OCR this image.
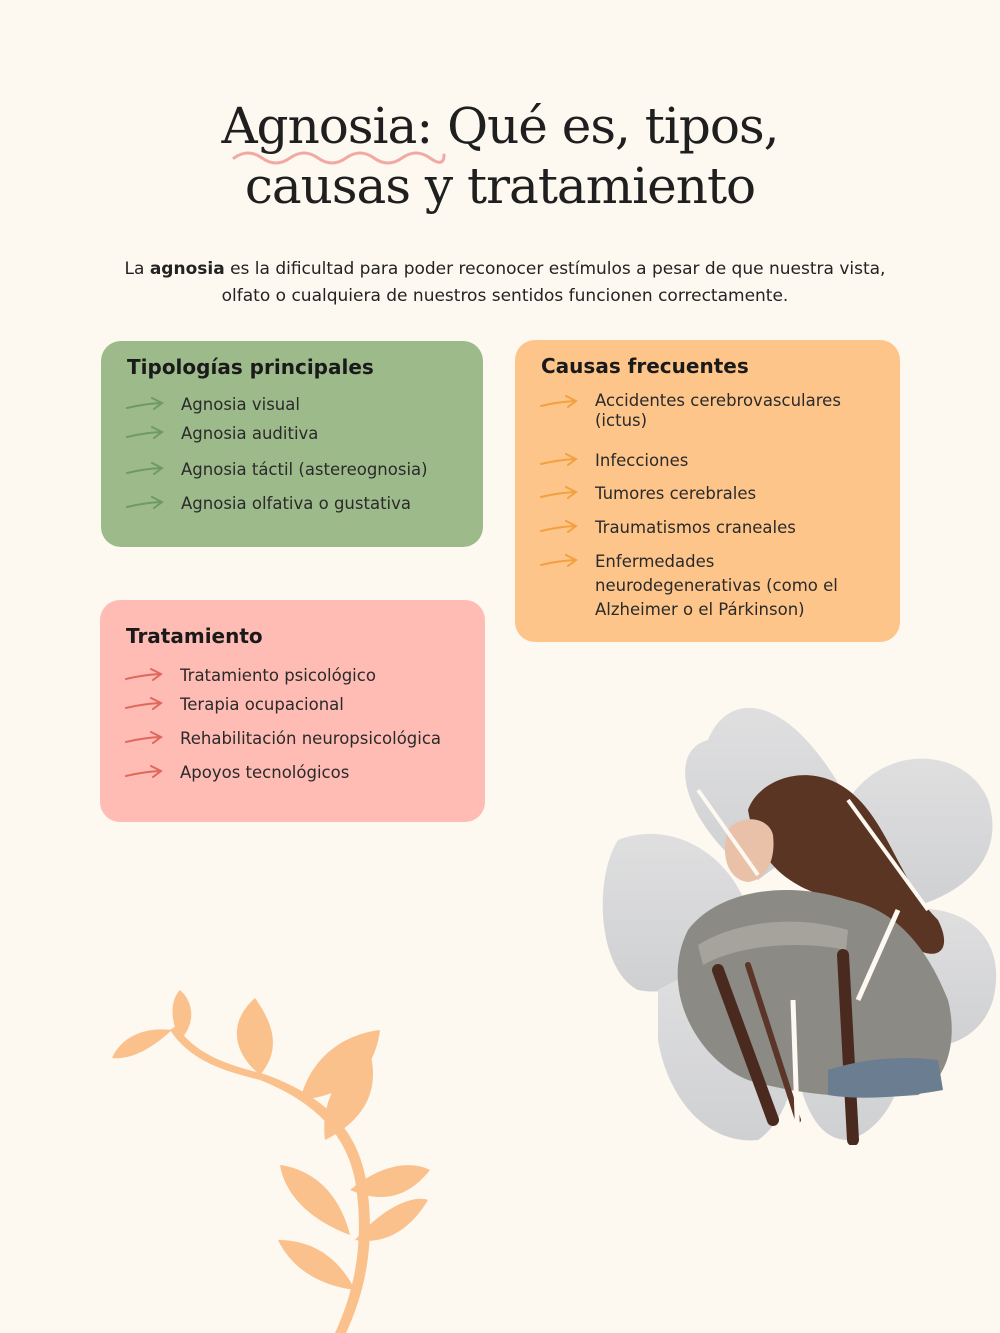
Agnosia: Qué es, tipos,
causas y tratamiento

La agnosia es la dificultad para poder reconocer estímulos a pesar de que nuestra vista, olfato o cualquiera de nuestros sentidos funcionen correctamente.

Tipologías principales
Agnosia visual
Agnosia auditiva
Agnosia táctil (astereognosia)
Agnosia olfativa o gustativa
Causas frecuentes
Accidentes cerebrovasculares (ictus)
Infecciones
Tumores cerebrales
Traumatismos craneales
Enfermedades neurodegenerativas (como el Alzheimer o el Párkinson)
Tratamiento
Tratamiento psicológico
Terapia ocupacional
Rehabilitación neuropsicológica
Apoyos tecnológicos
